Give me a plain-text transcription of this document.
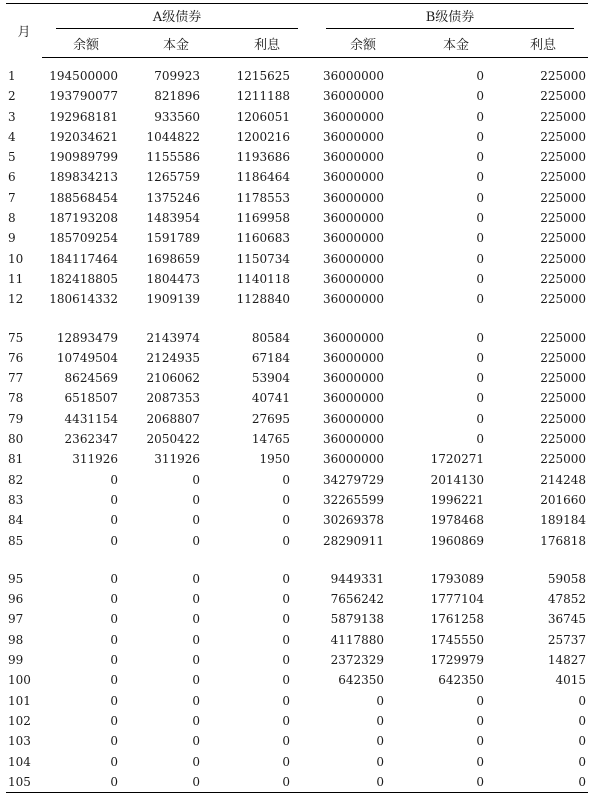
月	A级债券			B级债券		

	余额	本金	利息	余额	本金	利息
1	194500000	709923	1215625	36000000	0	225000
2	193790077	821896	1211188	36000000	0	225000
3	192968181	933560	1206051	36000000	0	225000
4	192034621	1044822	1200216	36000000	0	225000
5	190989799	1155586	1193686	36000000	0	225000
6	189834213	1265759	1186464	36000000	0	225000
7	188568454	1375246	1178553	36000000	0	225000
8	187193208	1483954	1169958	36000000	0	225000
9	185709254	1591789	1160683	36000000	0	225000
10	184117464	1698659	1150734	36000000	0	225000
11	182418805	1804473	1140118	36000000	0	225000
12	180614332	1909139	1128840	36000000	0	225000

75	12893479	2143974	80584	36000000	0	225000
76	10749504	2124935	67184	36000000	0	225000
77	8624569	2106062	53904	36000000	0	225000
78	6518507	2087353	40741	36000000	0	225000
79	4431154	2068807	27695	36000000	0	225000
80	2362347	2050422	14765	36000000	0	225000
81	311926	311926	1950	36000000	1720271	225000
82	0	0	0	34279729	2014130	214248
83	0	0	0	32265599	1996221	201660
84	0	0	0	30269378	1978468	189184
85	0	0	0	28290911	1960869	176818

95	0	0	0	9449331	1793089	59058
96	0	0	0	7656242	1777104	47852
97	0	0	0	5879138	1761258	36745
98	0	0	0	4117880	1745550	25737
99	0	0	0	2372329	1729979	14827
100	0	0	0	642350	642350	4015
101	0	0	0	0	0	0
102	0	0	0	0	0	0
103	0	0	0	0	0	0
104	0	0	0	0	0	0
105	0	0	0	0	0	0
